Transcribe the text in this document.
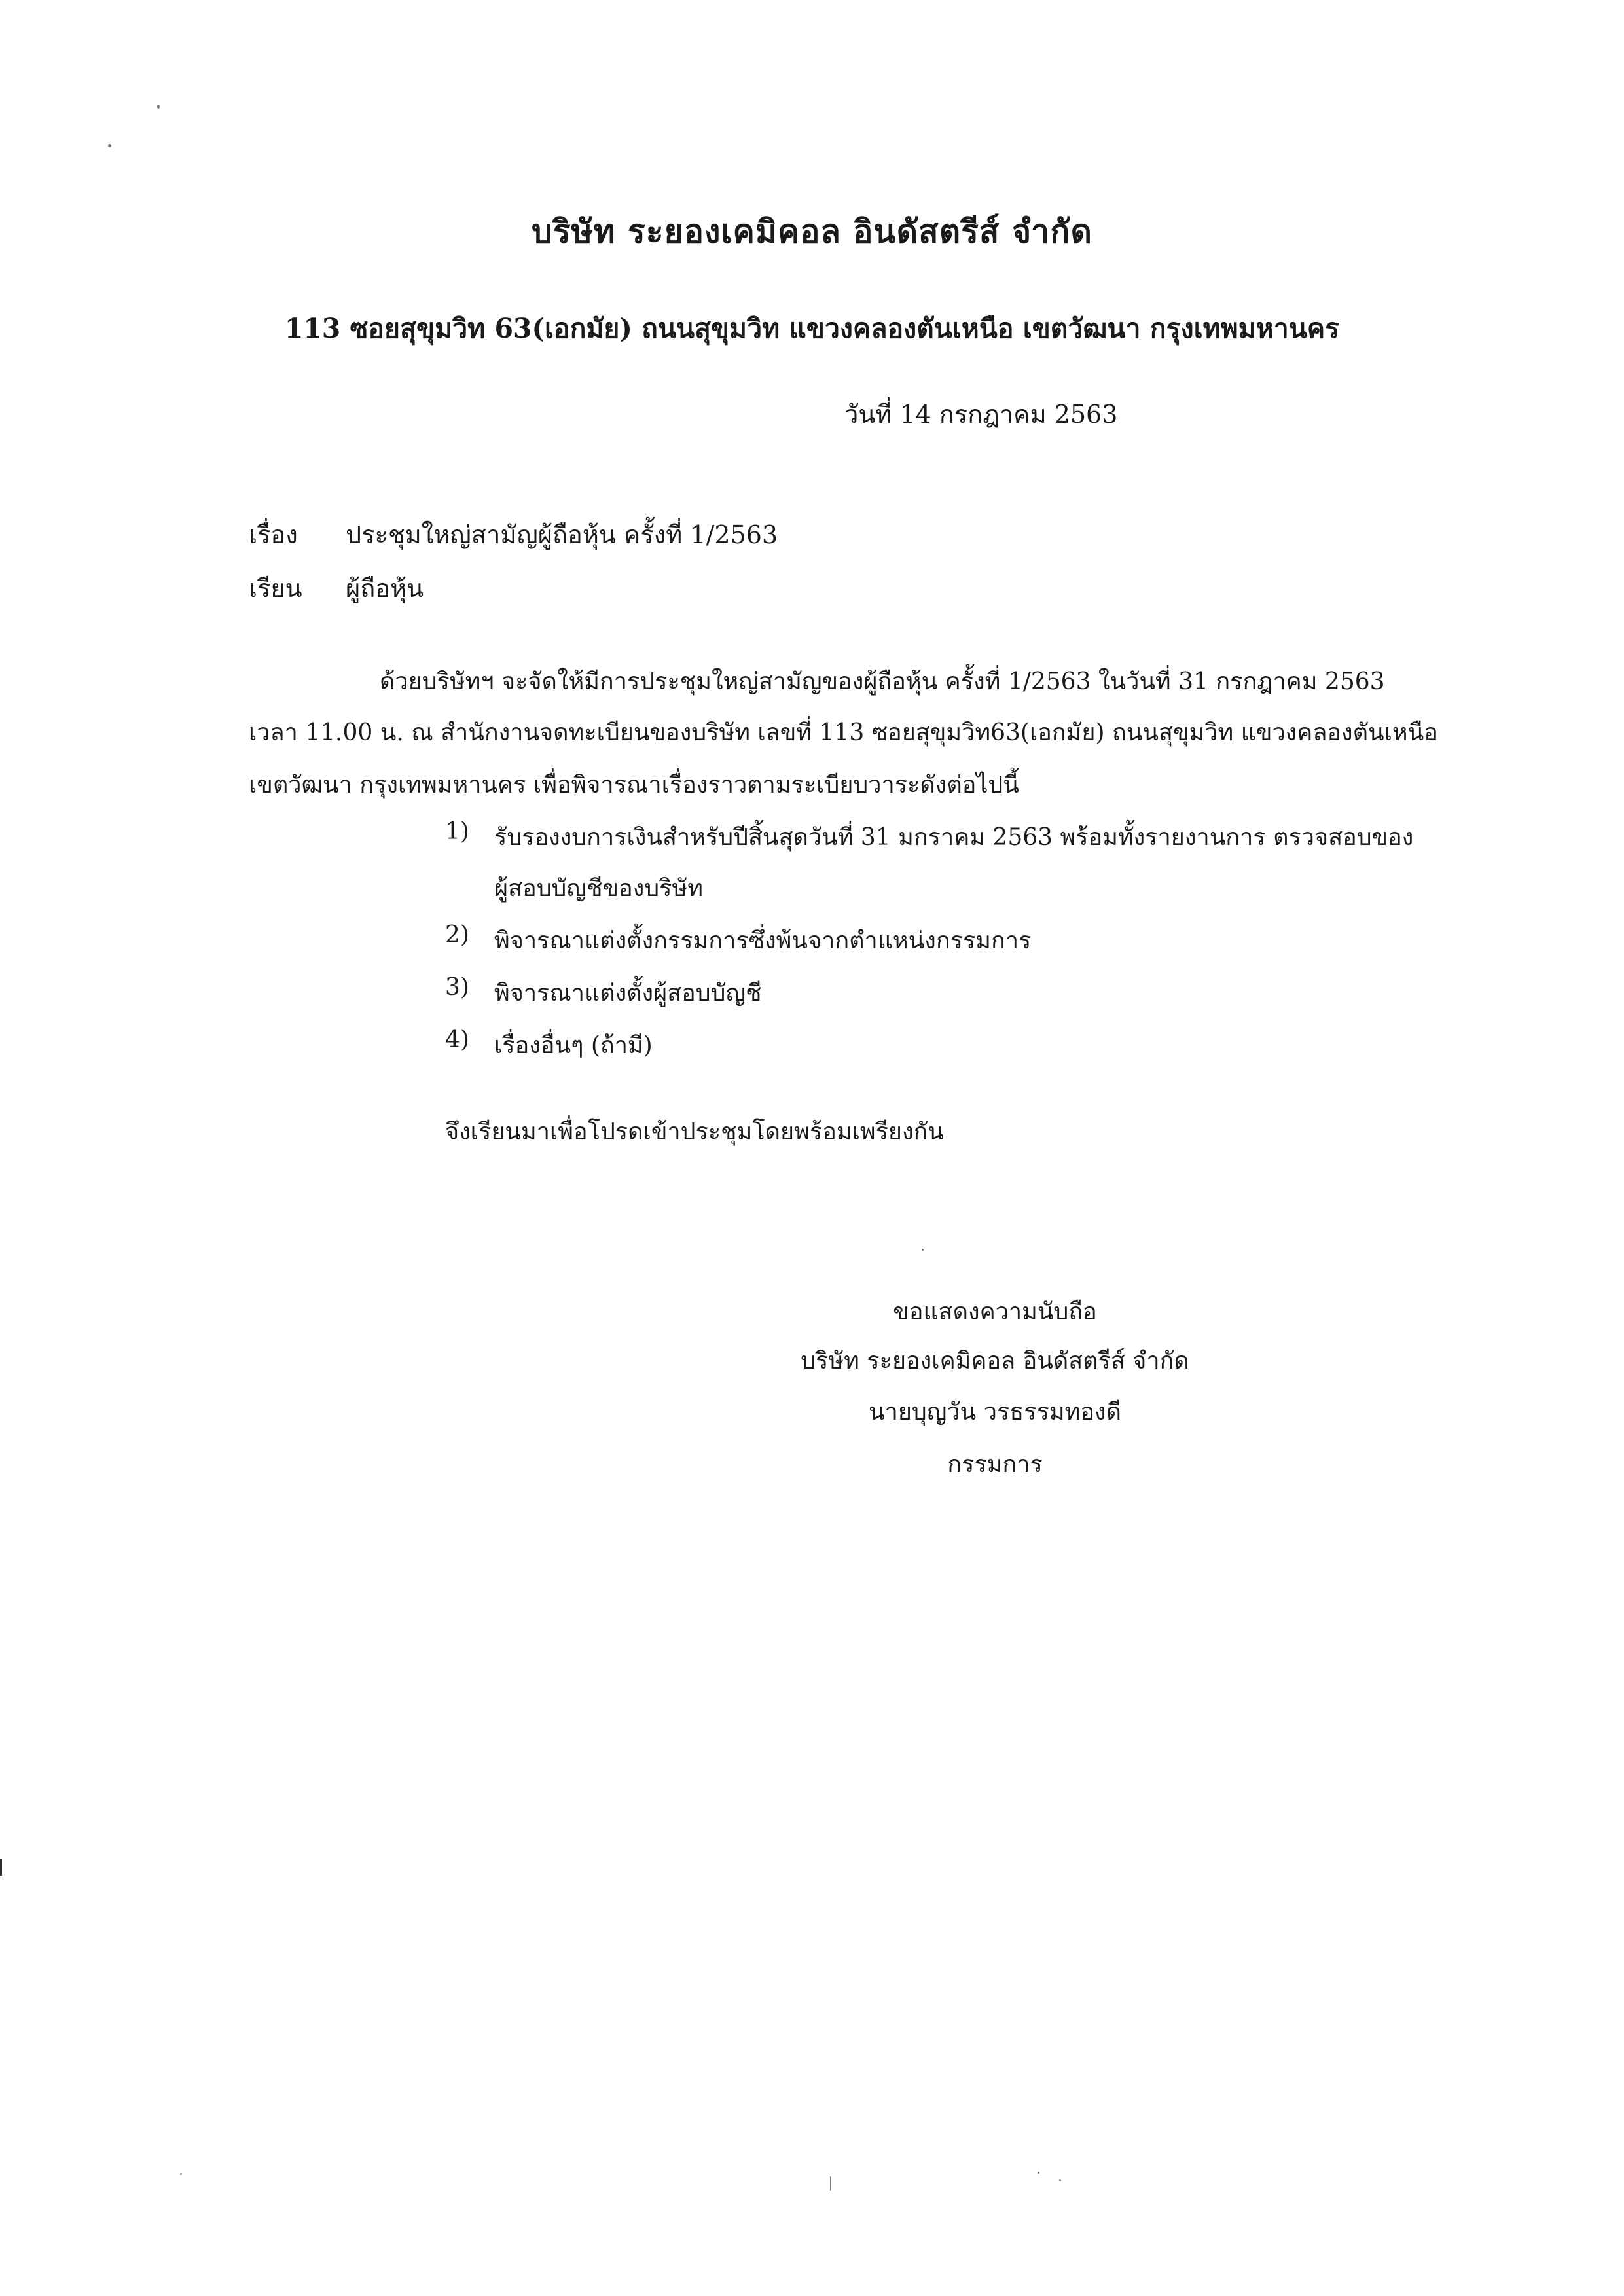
บริษัท ระยองเคมิคอล อินดัสตรีส์ จำกัด
113 ซอยสุขุมวิท 63(เอกมัย) ถนนสุขุมวิท แขวงคลองตันเหนือ เขตวัฒนา กรุงเทพมหานคร
วันที่ 14 กรกฎาคม 2563
เรื่อง ประชุมใหญ่สามัญผู้ถือหุ้น ครั้งที่ 1/2563
เรียน ผู้ถือหุ้น
ด้วยบริษัทฯ จะจัดให้มีการประชุมใหญ่สามัญของผู้ถือหุ้น ครั้งที่ 1/2563 ในวันที่ 31 กรกฎาคม 2563
เวลา 11.00 น. ณ สำนักงานจดทะเบียนของบริษัท เลขที่ 113 ซอยสุขุมวิท63(เอกมัย) ถนนสุขุมวิท แขวงคลองตันเหนือ
เขตวัฒนา กรุงเทพมหานคร เพื่อพิจารณาเรื่องราวตามระเบียบวาระดังต่อไปนี้
1) รับรองงบการเงินสำหรับปีสิ้นสุดวันที่ 31 มกราคม 2563 พร้อมทั้งรายงานการ ตรวจสอบของ
ผู้สอบบัญชีของบริษัท
2) พิจารณาแต่งตั้งกรรมการซึ่งพ้นจากตำแหน่งกรรมการ
3) พิจารณาแต่งตั้งผู้สอบบัญชี
4) เรื่องอื่นๆ (ถ้ามี)
จึงเรียนมาเพื่อโปรดเข้าประชุมโดยพร้อมเพรียงกัน
ขอแสดงความนับถือ
บริษัท ระยองเคมิคอล อินดัสตรีส์ จำกัด
นายบุญวัน วรธรรมทองดี
กรรมการ
